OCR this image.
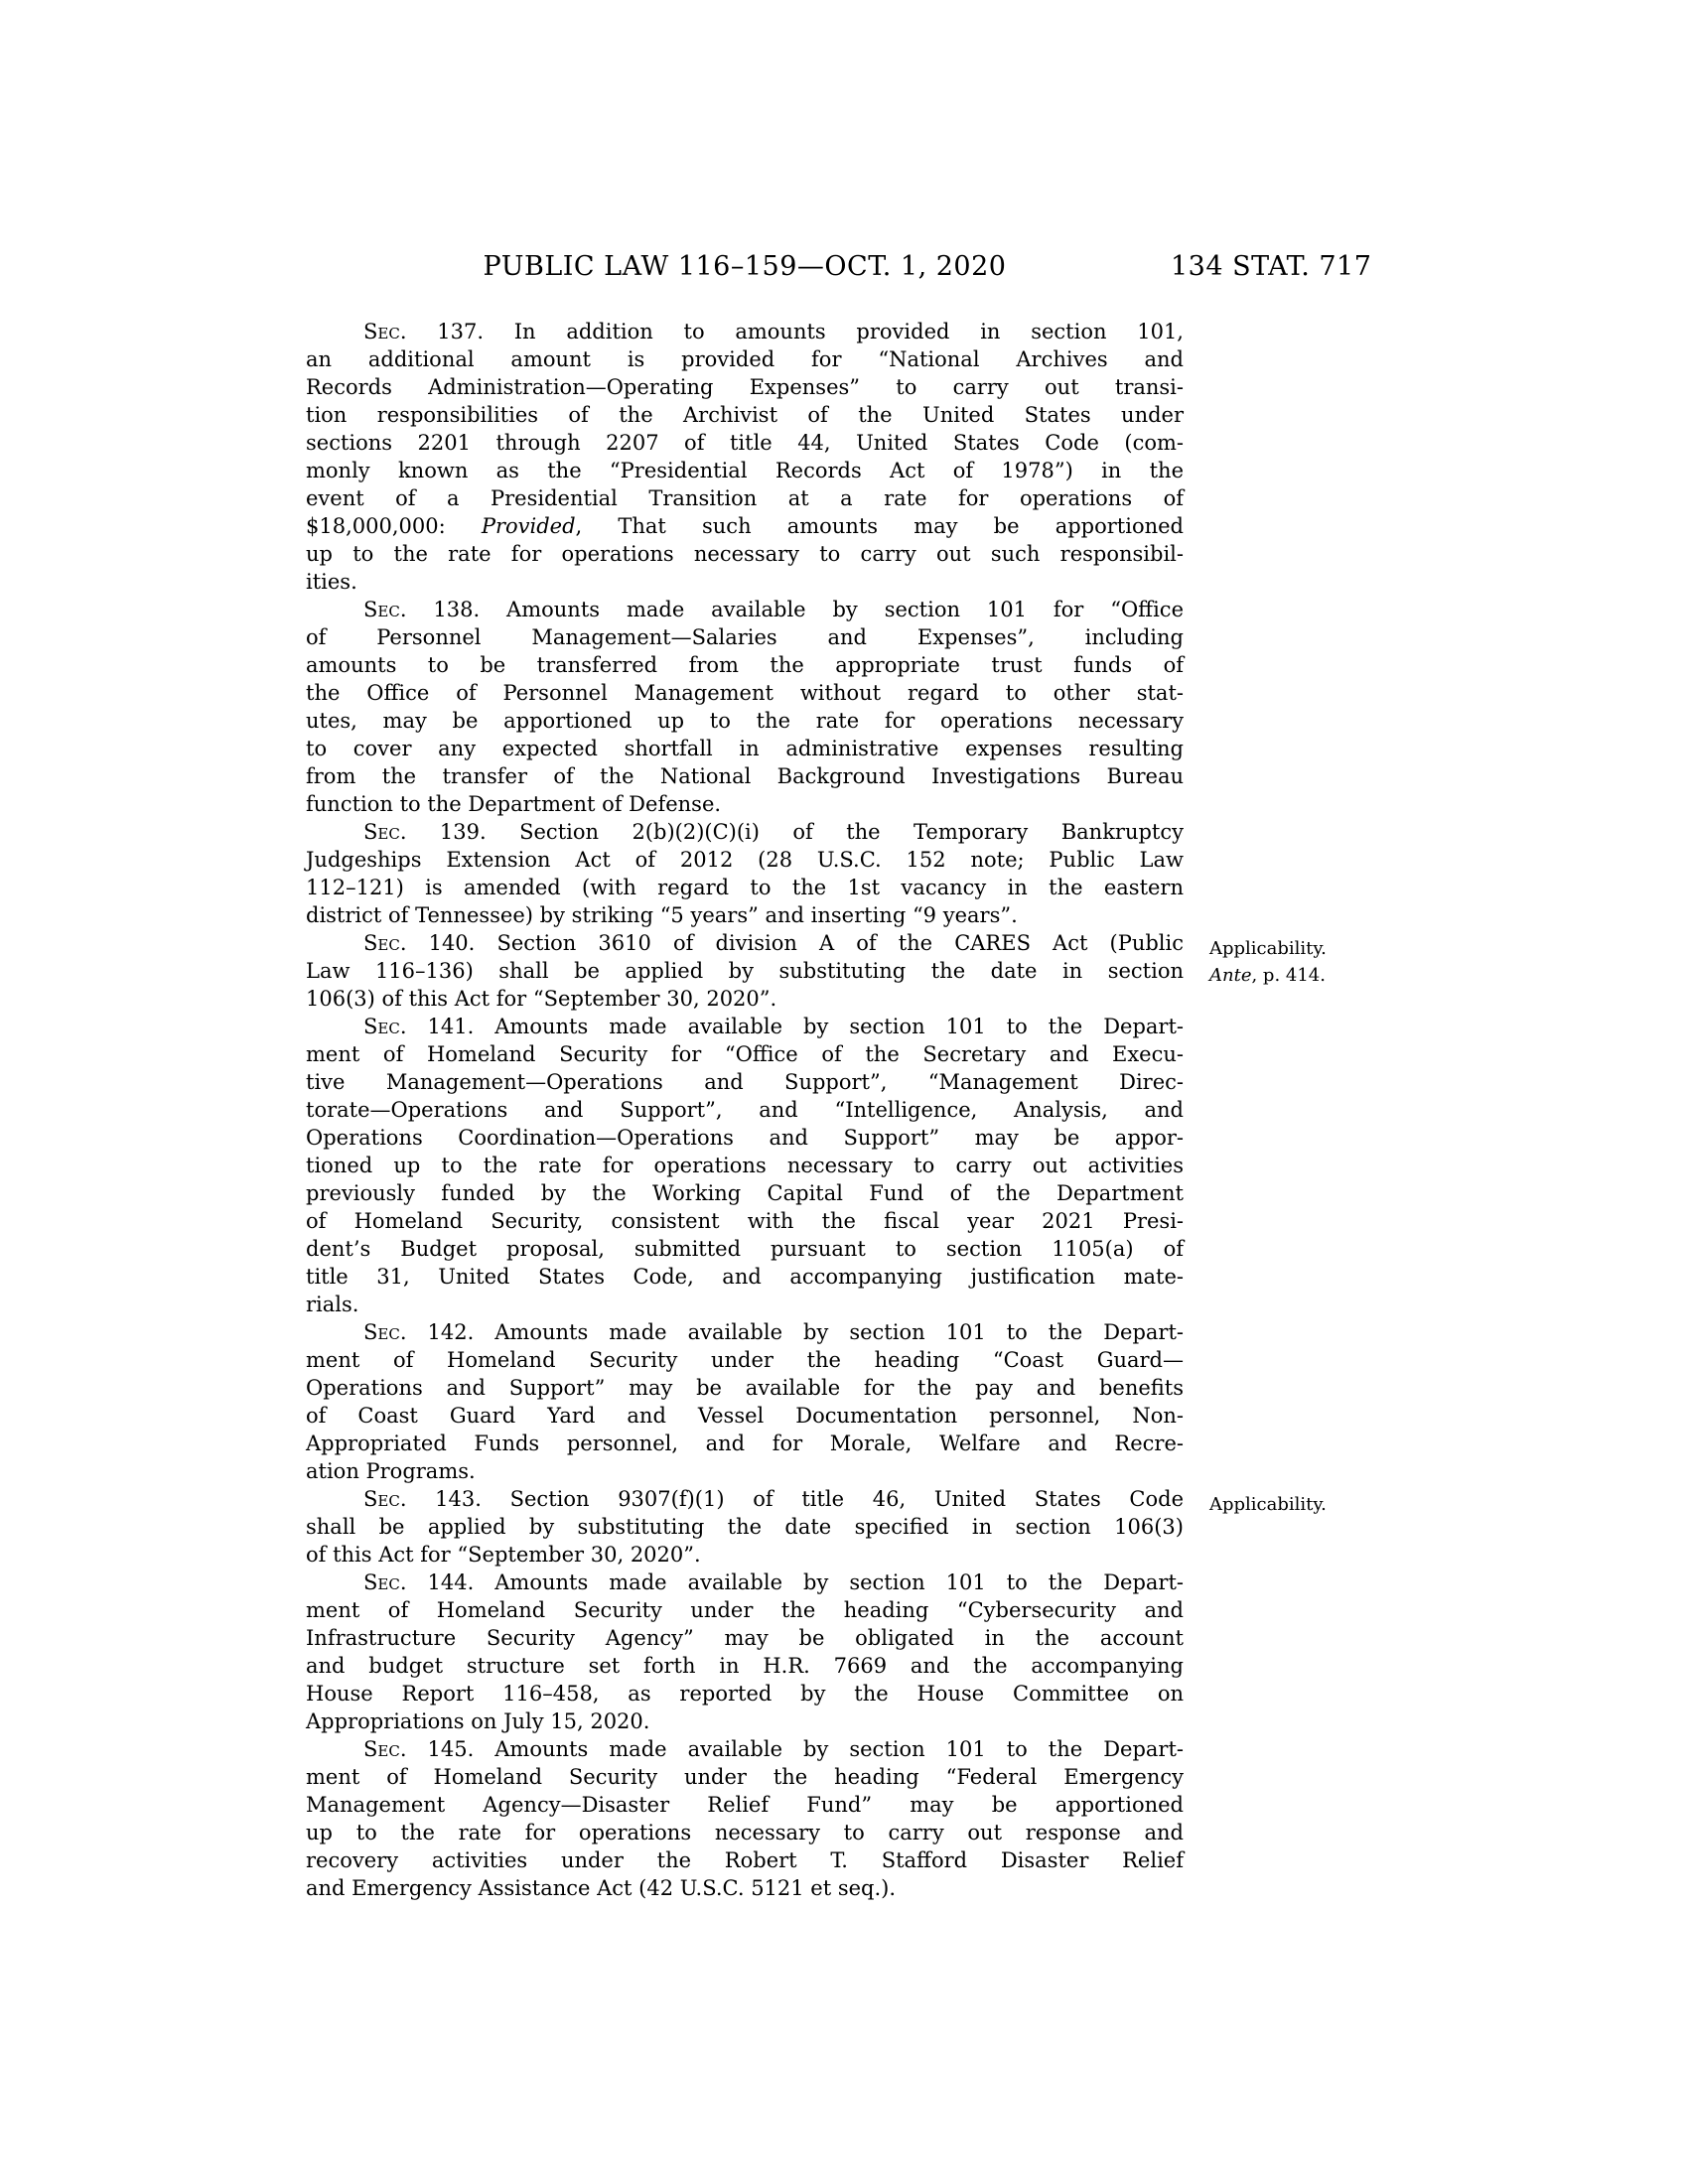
PUBLIC LAW 116–159—OCT. 1, 2020	134 STAT. 717
Sec. 137. In addition to amounts provided in section 101,
an additional amount is provided for “National Archives and
Records Administration—Operating Expenses” to carry out transi-
tion responsibilities of the Archivist of the United States under
sections 2201 through 2207 of title 44, United States Code (com-
monly known as the “Presidential Records Act of 1978”) in the
event of a Presidential Transition at a rate for operations of
$18,000,000: Provided, That such amounts may be apportioned
up to the rate for operations necessary to carry out such responsibil-
ities.
Sec. 138. Amounts made available by section 101 for “Office
of Personnel Management—Salaries and Expenses”, including
amounts to be transferred from the appropriate trust funds of
the Office of Personnel Management without regard to other stat-
utes, may be apportioned up to the rate for operations necessary
to cover any expected shortfall in administrative expenses resulting
from the transfer of the National Background Investigations Bureau
function to the Department of Defense.
Sec. 139. Section 2(b)(2)(C)(i) of the Temporary Bankruptcy
Judgeships Extension Act of 2012 (28 U.S.C. 152 note; Public Law
112–121) is amended (with regard to the 1st vacancy in the eastern
district of Tennessee) by striking “5 years” and inserting “9 years”.
Sec. 140. Section 3610 of division A of the CARES Act (Public
Law 116–136) shall be applied by substituting the date in section
106(3) of this Act for “September 30, 2020”.
Applicability.
Ante, p. 414.
Sec. 141. Amounts made available by section 101 to the Depart-
ment of Homeland Security for “Office of the Secretary and Execu-
tive Management—Operations and Support”, “Management Direc-
torate—Operations and Support”, and “Intelligence, Analysis, and
Operations Coordination—Operations and Support” may be appor-
tioned up to the rate for operations necessary to carry out activities
previously funded by the Working Capital Fund of the Department
of Homeland Security, consistent with the fiscal year 2021 Presi-
dent’s Budget proposal, submitted pursuant to section 1105(a) of
title 31, United States Code, and accompanying justification mate-
rials.
Sec. 142. Amounts made available by section 101 to the Depart-
ment of Homeland Security under the heading “Coast Guard—
Operations and Support” may be available for the pay and benefits
of Coast Guard Yard and Vessel Documentation personnel, Non-
Appropriated Funds personnel, and for Morale, Welfare and Recre-
ation Programs.
Sec. 143. Section 9307(f)(1) of title 46, United States Code
shall be applied by substituting the date specified in section 106(3)
of this Act for “September 30, 2020”.
Applicability.
Sec. 144. Amounts made available by section 101 to the Depart-
ment of Homeland Security under the heading “Cybersecurity and
Infrastructure Security Agency” may be obligated in the account
and budget structure set forth in H.R. 7669 and the accompanying
House Report 116–458, as reported by the House Committee on
Appropriations on July 15, 2020.
Sec. 145. Amounts made available by section 101 to the Depart-
ment of Homeland Security under the heading “Federal Emergency
Management Agency—Disaster Relief Fund” may be apportioned
up to the rate for operations necessary to carry out response and
recovery activities under the Robert T. Stafford Disaster Relief
and Emergency Assistance Act (42 U.S.C. 5121 et seq.).
